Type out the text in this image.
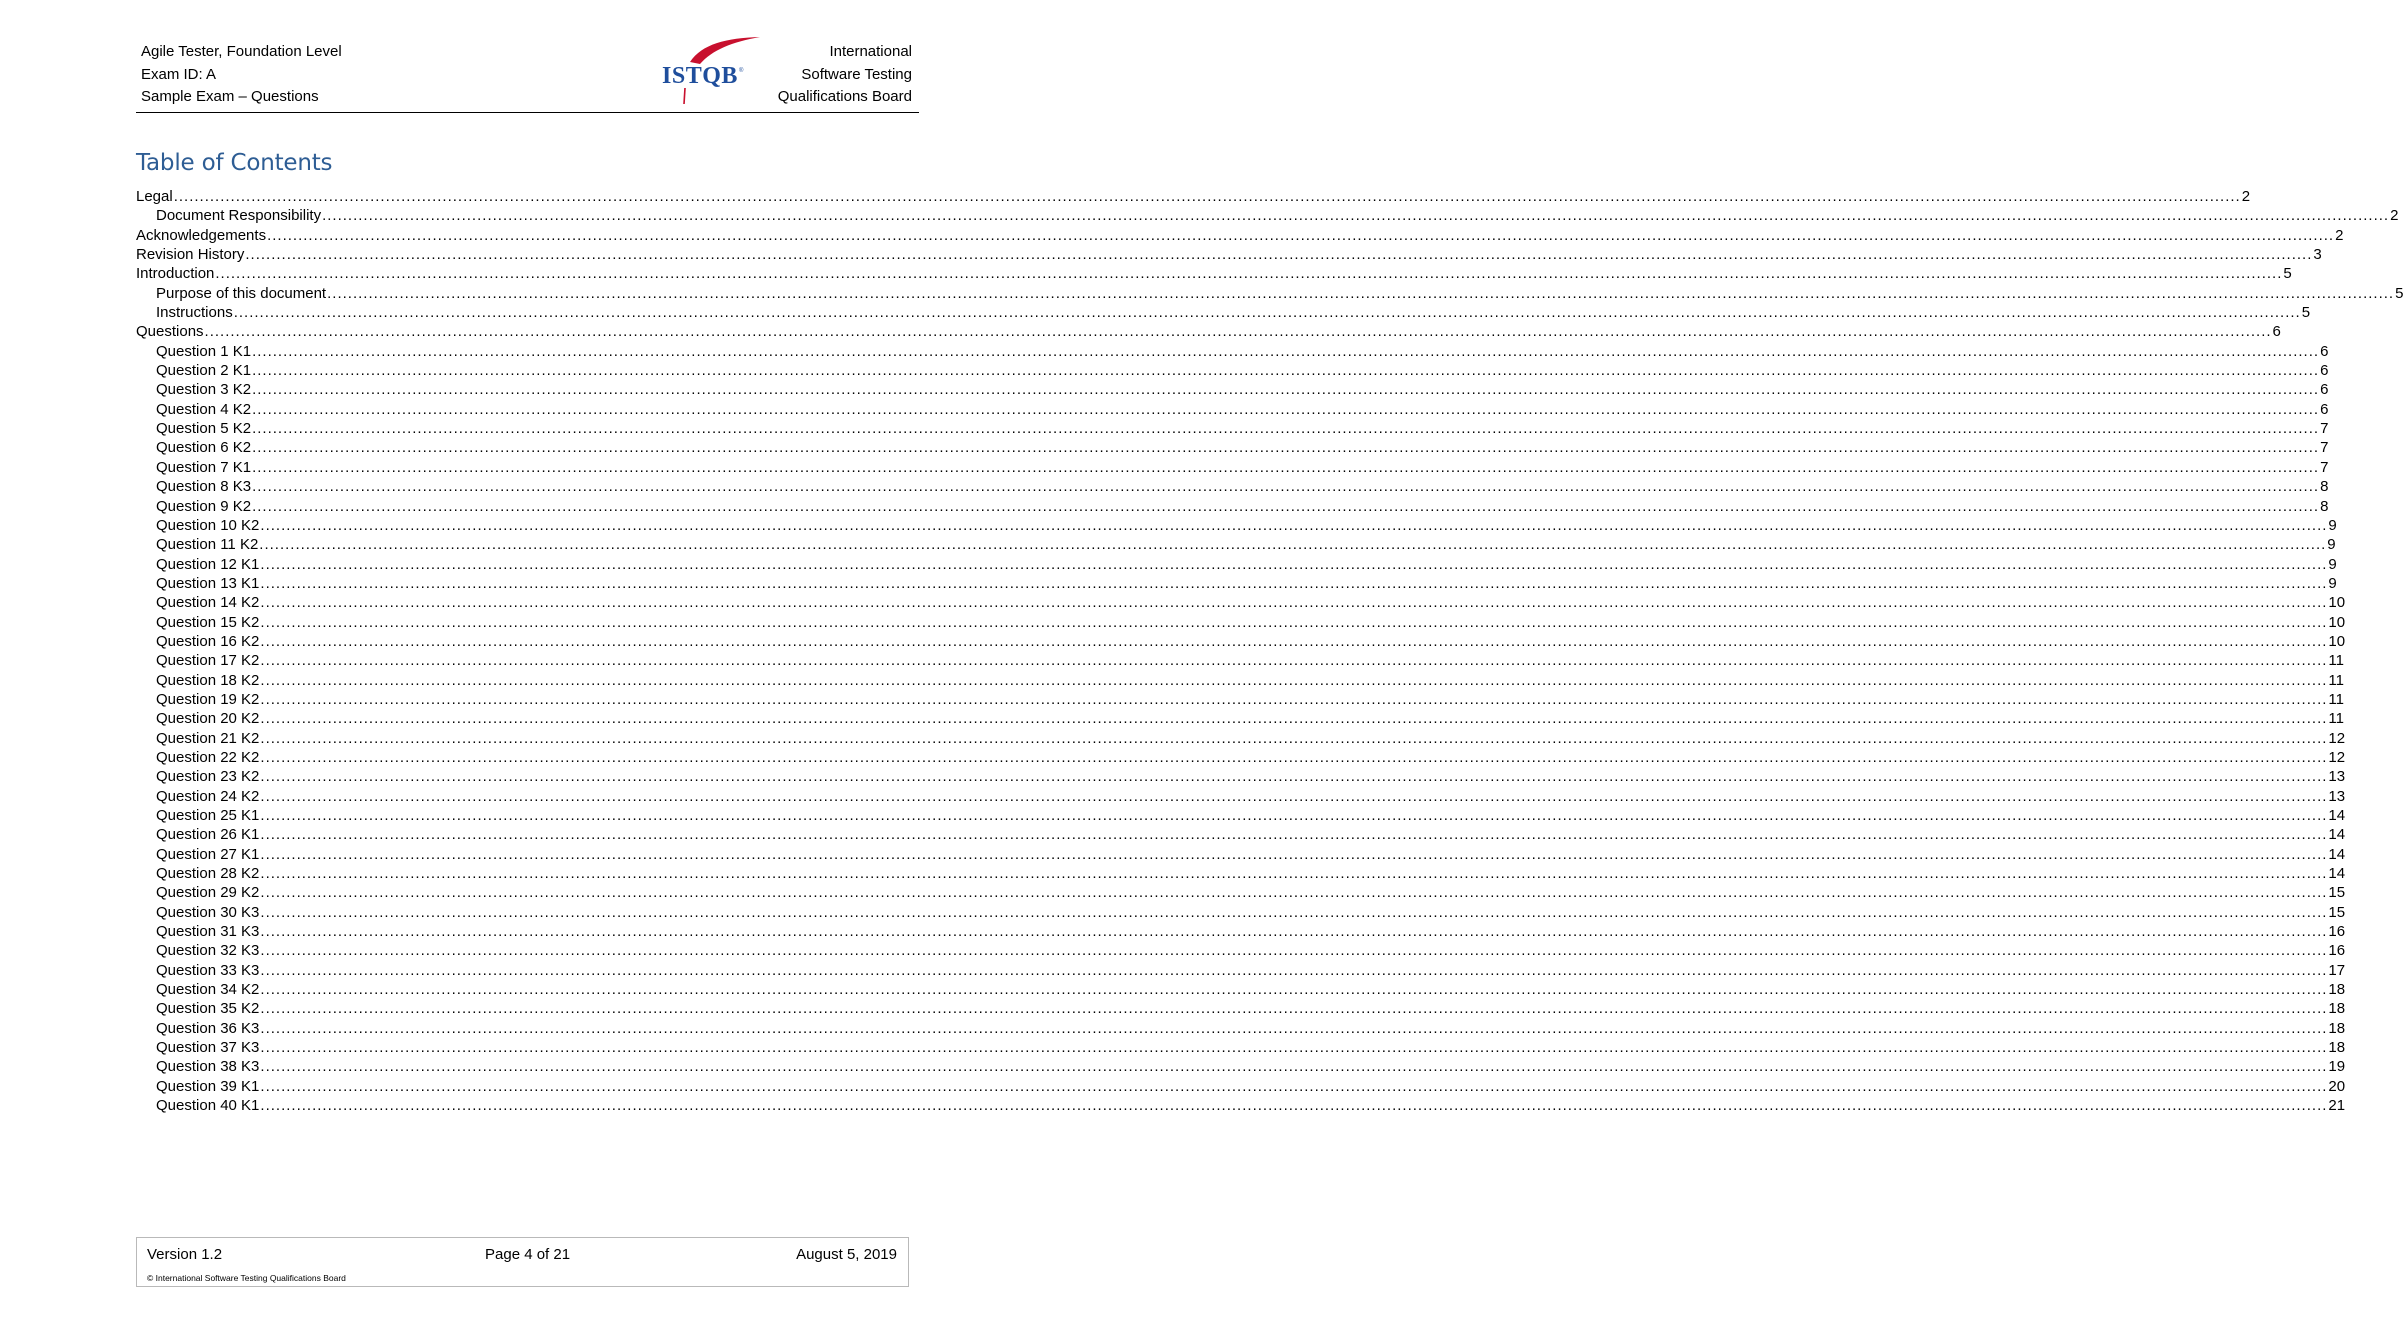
Agile Tester, Foundation Level
Exam ID: A
Sample Exam – Questions
ISTQB ®
International
Software Testing
Qualifications Board
Table of Contents
Legal ................................................................................................................................................................................................................................................................................................................................................................................................................ 2
Document Responsibility ................................................................................................................................................................................................................................................................................................................................................................................................................ 2
Acknowledgements ................................................................................................................................................................................................................................................................................................................................................................................................................ 2
Revision History ................................................................................................................................................................................................................................................................................................................................................................................................................ 3
Introduction ................................................................................................................................................................................................................................................................................................................................................................................................................ 5
Purpose of this document ................................................................................................................................................................................................................................................................................................................................................................................................................ 5
Instructions ................................................................................................................................................................................................................................................................................................................................................................................................................ 5
Questions ................................................................................................................................................................................................................................................................................................................................................................................................................ 6
Question 1 K1 ................................................................................................................................................................................................................................................................................................................................................................................................................ 6
Question 2 K1 ................................................................................................................................................................................................................................................................................................................................................................................................................ 6
Question 3 K2 ................................................................................................................................................................................................................................................................................................................................................................................................................ 6
Question 4 K2 ................................................................................................................................................................................................................................................................................................................................................................................................................ 6
Question 5 K2 ................................................................................................................................................................................................................................................................................................................................................................................................................ 7
Question 6 K2 ................................................................................................................................................................................................................................................................................................................................................................................................................ 7
Question 7 K1 ................................................................................................................................................................................................................................................................................................................................................................................................................ 7
Question 8 K3 ................................................................................................................................................................................................................................................................................................................................................................................................................ 8
Question 9 K2 ................................................................................................................................................................................................................................................................................................................................................................................................................ 8
Question 10 K2 ................................................................................................................................................................................................................................................................................................................................................................................................................ 9
Question 11 K2 ................................................................................................................................................................................................................................................................................................................................................................................................................ 9
Question 12 K1 ................................................................................................................................................................................................................................................................................................................................................................................................................ 9
Question 13 K1 ................................................................................................................................................................................................................................................................................................................................................................................................................ 9
Question 14 K2 ................................................................................................................................................................................................................................................................................................................................................................................................................ 10
Question 15 K2 ................................................................................................................................................................................................................................................................................................................................................................................................................ 10
Question 16 K2 ................................................................................................................................................................................................................................................................................................................................................................................................................ 10
Question 17 K2 ................................................................................................................................................................................................................................................................................................................................................................................................................ 11
Question 18 K2 ................................................................................................................................................................................................................................................................................................................................................................................................................ 11
Question 19 K2 ................................................................................................................................................................................................................................................................................................................................................................................................................ 11
Question 20 K2 ................................................................................................................................................................................................................................................................................................................................................................................................................ 11
Question 21 K2 ................................................................................................................................................................................................................................................................................................................................................................................................................ 12
Question 22 K2 ................................................................................................................................................................................................................................................................................................................................................................................................................ 12
Question 23 K2 ................................................................................................................................................................................................................................................................................................................................................................................................................ 13
Question 24 K2 ................................................................................................................................................................................................................................................................................................................................................................................................................ 13
Question 25 K1 ................................................................................................................................................................................................................................................................................................................................................................................................................ 14
Question 26 K1 ................................................................................................................................................................................................................................................................................................................................................................................................................ 14
Question 27 K1 ................................................................................................................................................................................................................................................................................................................................................................................................................ 14
Question 28 K2 ................................................................................................................................................................................................................................................................................................................................................................................................................ 14
Question 29 K2 ................................................................................................................................................................................................................................................................................................................................................................................................................ 15
Question 30 K3 ................................................................................................................................................................................................................................................................................................................................................................................................................ 15
Question 31 K3 ................................................................................................................................................................................................................................................................................................................................................................................................................ 16
Question 32 K3 ................................................................................................................................................................................................................................................................................................................................................................................................................ 16
Question 33 K3 ................................................................................................................................................................................................................................................................................................................................................................................................................ 17
Question 34 K2 ................................................................................................................................................................................................................................................................................................................................................................................................................ 18
Question 35 K2 ................................................................................................................................................................................................................................................................................................................................................................................................................ 18
Question 36 K3 ................................................................................................................................................................................................................................................................................................................................................................................................................ 18
Question 37 K3 ................................................................................................................................................................................................................................................................................................................................................................................................................ 18
Question 38 K3 ................................................................................................................................................................................................................................................................................................................................................................................................................ 19
Question 39 K1 ................................................................................................................................................................................................................................................................................................................................................................................................................ 20
Question 40 K1 ................................................................................................................................................................................................................................................................................................................................................................................................................ 21
Version 1.2	Page 4 of 21	August 5, 2019
© International Software Testing Qualifications Board
